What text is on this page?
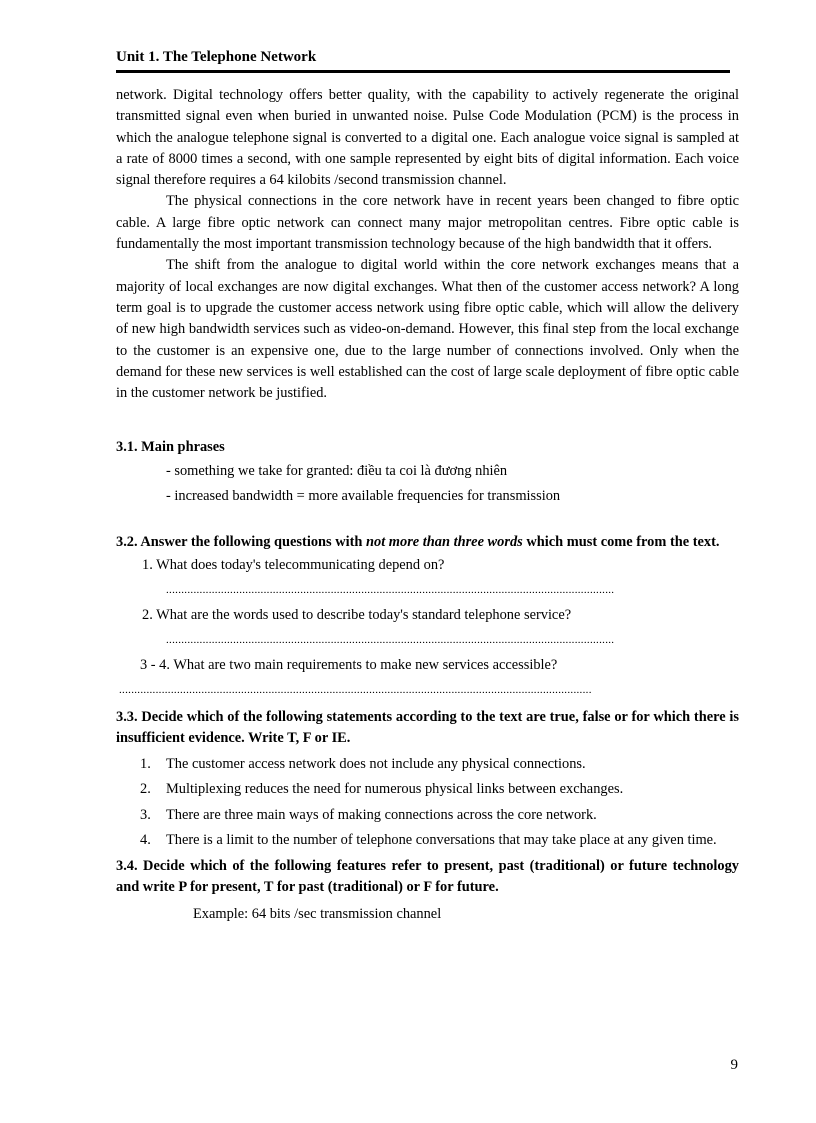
Unit 1. The Telephone Network

network. Digital technology offers better quality, with the capability to actively regenerate the original transmitted signal even when buried in unwanted noise. Pulse Code Modulation (PCM) is the process in which the analogue telephone signal is converted to a digital one. Each analogue voice signal is sampled at a rate of 8000 times a second, with one sample represented by eight bits of digital information. Each voice signal therefore requires a 64 kilobits /second transmission channel.

The physical connections in the core network have in recent years been changed to fibre optic cable. A large fibre optic network can connect many major metropolitan centres. Fibre optic cable is fundamentally the most important transmission technology because of the high bandwidth that it offers.

The shift from the analogue to digital world within the core network exchanges means that a majority of local exchanges are now digital exchanges. What then of the customer access network? A long term goal is to upgrade the customer access network using fibre optic cable, which will allow the delivery of new high bandwidth services such as video-on-demand. However, this final step from the local exchange to the customer is an expensive one, due to the large number of connections involved. Only when the demand for these new services is well established can the cost of large scale deployment of fibre optic cable in the customer network be justified.

3.1. Main phrases
- something we take for granted: điều ta coi là đương nhiên
- increased bandwidth = more available frequencies for transmission
3.2. Answer the following questions with not more than three words which must come from the text.
1. What does today's telecommunicating depend on?
...................................................................................................................................................
2. What are the words used to describe today's standard telephone service?
...................................................................................................................................................
3 - 4. What are two main requirements to make new services accessible?
...........................................................................................................................................................
3.3. Decide which of the following statements according to the text are true, false or for which there is insufficient evidence. Write T, F or IE.
1. The customer access network does not include any physical connections.
2. Multiplexing reduces the need for numerous physical links between exchanges.
3. There are three main ways of making connections across the core network.
4. There is a limit to the number of telephone conversations that may take place at any given time.
3.4. Decide which of the following features refer to present, past (traditional) or future technology and write P for present, T for past (traditional) or F for future.
Example: 64 bits /sec transmission channel
9
